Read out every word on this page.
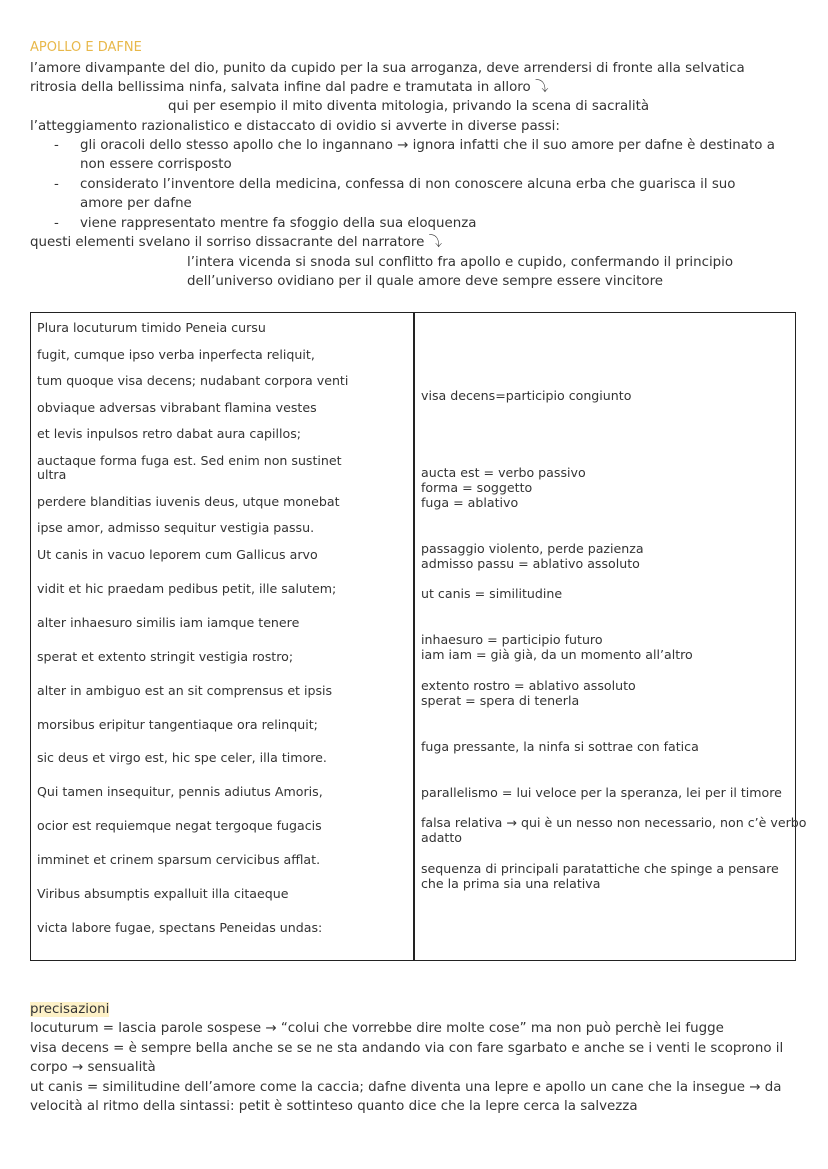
APOLLO E DAFNE
l’amore divampante del dio, punito da cupido per la sua arroganza, deve arrendersi di fronte alla selvatica
ritrosia della bellissima ninfa, salvata infine dal padre e tramutata in alloro ⤵
qui per esempio il mito diventa mitologia, privando la scena di sacralità
l’atteggiamento razionalistico e distaccato di ovidio si avverte in diverse passi:
- gli oracoli dello stesso apollo che lo ingannano → ignora infatti che il suo amore per dafne è destinato a
non essere corrisposto
- considerato l’inventore della medicina, confessa di non conoscere alcuna erba che guarisca il suo
amore per dafne
- viene rappresentato mentre fa sfoggio della sua eloquenza
questi elementi svelano il sorriso dissacrante del narratore ⤵
l’intera vicenda si snoda sul conflitto fra apollo e cupido, confermando il principio
dell’universo ovidiano per il quale amore deve sempre essere vincitore
Plura locuturum timido Peneia cursu
fugit, cumque ipso verba inperfecta reliquit,
tum quoque visa decens; nudabant corpora venti
obviaque adversas vibrabant flamina vestes
et levis inpulsos retro dabat aura capillos;
auctaque forma fuga est. Sed enim non sustinet
ultra
perdere blanditias iuvenis deus, utque monebat
ipse amor, admisso sequitur vestigia passu.
Ut canis in vacuo leporem cum Gallicus arvo
vidit et hic praedam pedibus petit, ille salutem;
alter inhaesuro similis iam iamque tenere
sperat et extento stringit vestigia rostro;
alter in ambiguo est an sit comprensus et ipsis
morsibus eripitur tangentiaque ora relinquit;
sic deus et virgo est, hic spe celer, illa timore.
Qui tamen insequitur, pennis adiutus Amoris,
ocior est requiemque negat tergoque fugacis
imminet et crinem sparsum cervicibus afflat.
Viribus absumptis expalluit illa citaeque
victa labore fugae, spectans Peneidas undas:
visa decens=participio congiunto
aucta est = verbo passivo
forma = soggetto
fuga = ablativo
passaggio violento, perde pazienza
admisso passu = ablativo assoluto
ut canis = similitudine
inhaesuro = participio futuro
iam iam = già già, da un momento all’altro
extento rostro = ablativo assoluto
sperat = spera di tenerla
fuga pressante, la ninfa si sottrae con fatica
parallelismo = lui veloce per la speranza, lei per il timore
falsa relativa → qui è un nesso non necessario, non c’è verbo
adatto
sequenza di principali paratattiche che spinge a pensare
che la prima sia una relativa
precisazioni
locuturum = lascia parole sospese → “colui che vorrebbe dire molte cose” ma non può perchè lei fugge
visa decens = è sempre bella anche se se ne sta andando via con fare sgarbato e anche se i venti le scoprono il
corpo → sensualità
ut canis = similitudine dell’amore come la caccia; dafne diventa una lepre e apollo un cane che la insegue → da
velocità al ritmo della sintassi: petit è sottinteso quanto dice che la lepre cerca la salvezza
